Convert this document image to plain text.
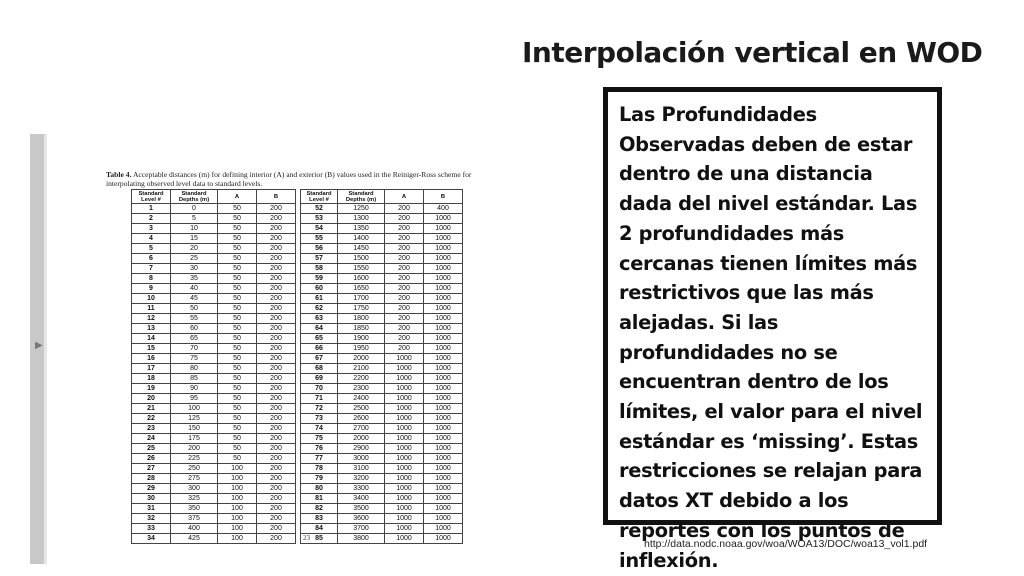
Interpolación vertical en WOD
▶
Table 4. Acceptable distances (m) for defining interior (A) and exterior (B) values used in the Reiniger-Ross scheme for interpolating observed level data to standard levels.
Standard Level #	Standard Depths (m)	A	B		Standard Level #	Standard Depths (m)	A	B
1	0	50	200		52	1250	200	400
2	5	50	200		53	1300	200	1000
3	10	50	200		54	1350	200	1000
4	15	50	200		55	1400	200	1000
5	20	50	200		56	1450	200	1000
6	25	50	200		57	1500	200	1000
7	30	50	200		58	1550	200	1000
8	35	50	200		59	1600	200	1000
9	40	50	200		60	1650	200	1000
10	45	50	200		61	1700	200	1000
11	50	50	200		62	1750	200	1000
12	55	50	200		63	1800	200	1000
13	60	50	200		64	1850	200	1000
14	65	50	200		65	1900	200	1000
15	70	50	200		66	1950	200	1000
16	75	50	200		67	2000	1000	1000
17	80	50	200		68	2100	1000	1000
18	85	50	200		69	2200	1000	1000
19	90	50	200		70	2300	1000	1000
20	95	50	200		71	2400	1000	1000
21	100	50	200		72	2500	1000	1000
22	125	50	200		73	2600	1000	1000
23	150	50	200		74	2700	1000	1000
24	175	50	200		75	2000	1000	1000
25	200	50	200		76	2900	1000	1000
26	225	50	200		77	3000	1000	1000
27	250	100	200		78	3100	1000	1000
28	275	100	200		79	3200	1000	1000
29	300	100	200		80	3300	1000	1000
30	325	100	200		81	3400	1000	1000
31	350	100	200		82	3500	1000	1000
32	375	100	200		83	3600	1000	1000
33	400	100	200		84	3700	1000	1000
34	425	100	200		85	3800	1000	1000
23

Las Profundidades Observadas deben de estar dentro de una distancia dada del nivel estándar. Las 2 profundidades más cercanas tienen límites más restrictivos que las más alejadas. Si las profundidades no se encuentran dentro de los límites, el valor para el nivel estándar es ‘missing’. Estas restricciones se relajan para datos XT debido a los reportes con los puntos de inflexión.

http://data.nodc.noaa.gov/woa/WOA13/DOC/woa13_vol1.pdf
